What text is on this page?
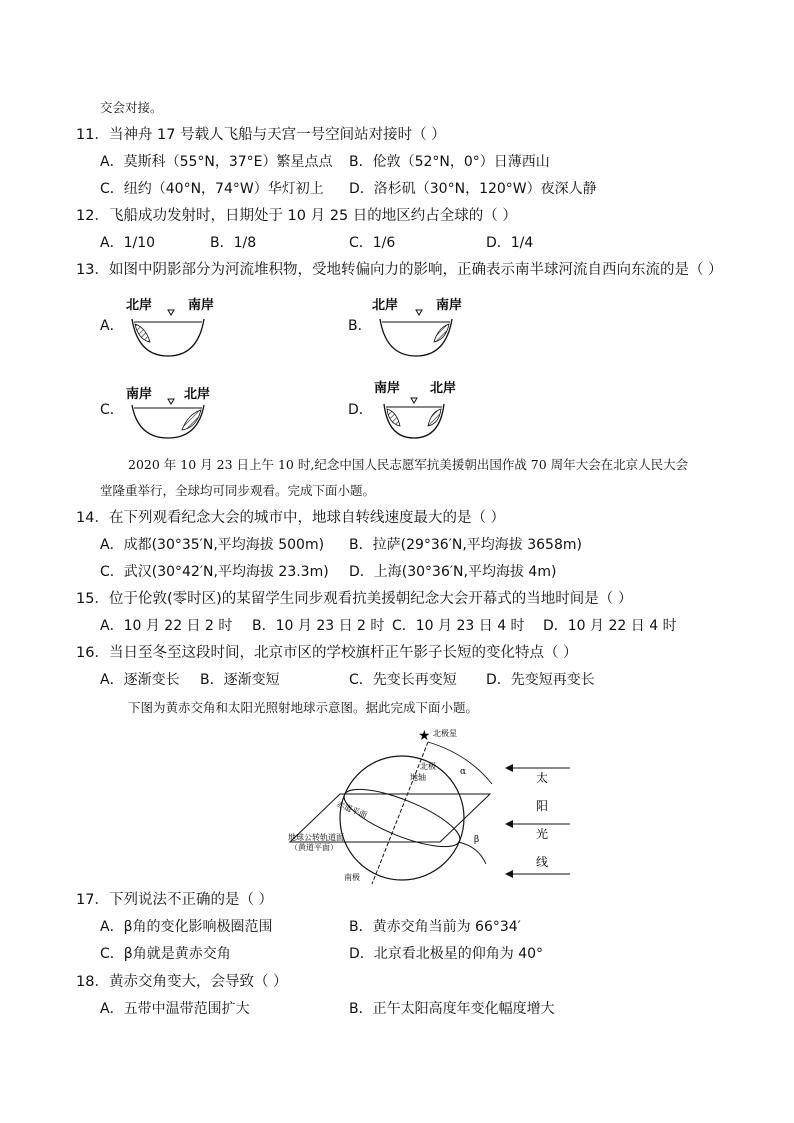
交会对接。
11．当神舟 17 号载人飞船与天宫一号空间站对接时（ ）
A．莫斯科（55°N，37°E）繁星点点 B．伦敦（52°N，0°）日薄西山
C．纽约（40°N，74°W）华灯初上 D．洛杉矶（30°N，120°W）夜深人静
12．飞船成功发射时，日期处于 10 月 25 日的地区约占全球的（ ）
A．1/10	B．1/8	C．1/6	D．1/4
13．如图中阴影部分为河流堆积物，受地转偏向力的影响，正确表示南半球河流自西向东流的是（ ）
A．	B．
C．	D．
北岸	南岸	北岸	南岸
南岸 北岸	南岸 北岸
2020 年 10 月 23 日上午 10 时,纪念中国人民志愿军抗美援朝出国作战 70 周年大会在北京人民大会
堂隆重举行，全球均可同步观看。完成下面小题。
14．在下列观看纪念大会的城市中，地球自转线速度最大的是（ ）
A．成都(30°35′N,平均海拔 500m) B．拉萨(29°36′N,平均海拔 3658m)
C．武汉(30°42′N,平均海拔 23.3m) D．上海(30°36′N,平均海拔 4m)
15．位于伦敦(零时区)的某留学生同步观看抗美援朝纪念大会开幕式的当地时间是（ ）
A．10 月 22 日 2 时 B．10 月 23 日 2 时 C．10 月 23 日 4 时 D．10 月 22 日 4 时
16．当日至冬至这段时间，北京市区的学校旗杆正午影子长短的变化特点（ ）
A．逐渐变长 B．逐渐变短	C．先变长再变短 D．先变短再变长
下图为黄赤交角和太阳光照射地球示意图。据此完成下面小题。
★ 北极星
地轴
北极
南极
赤道平面
地球公转轨道面
（黄道平面）
α
β
太
阳
光
线
17．下列说法不正确的是（ ）
A．β角的变化影响极圈范围	B．黄赤交角当前为 66°34′
C．β角就是黄赤交角	D．北京看北极星的仰角为 40°
18．黄赤交角变大，会导致（ ）
A．五带中温带范围扩大	B．正午太阳高度年变化幅度增大
